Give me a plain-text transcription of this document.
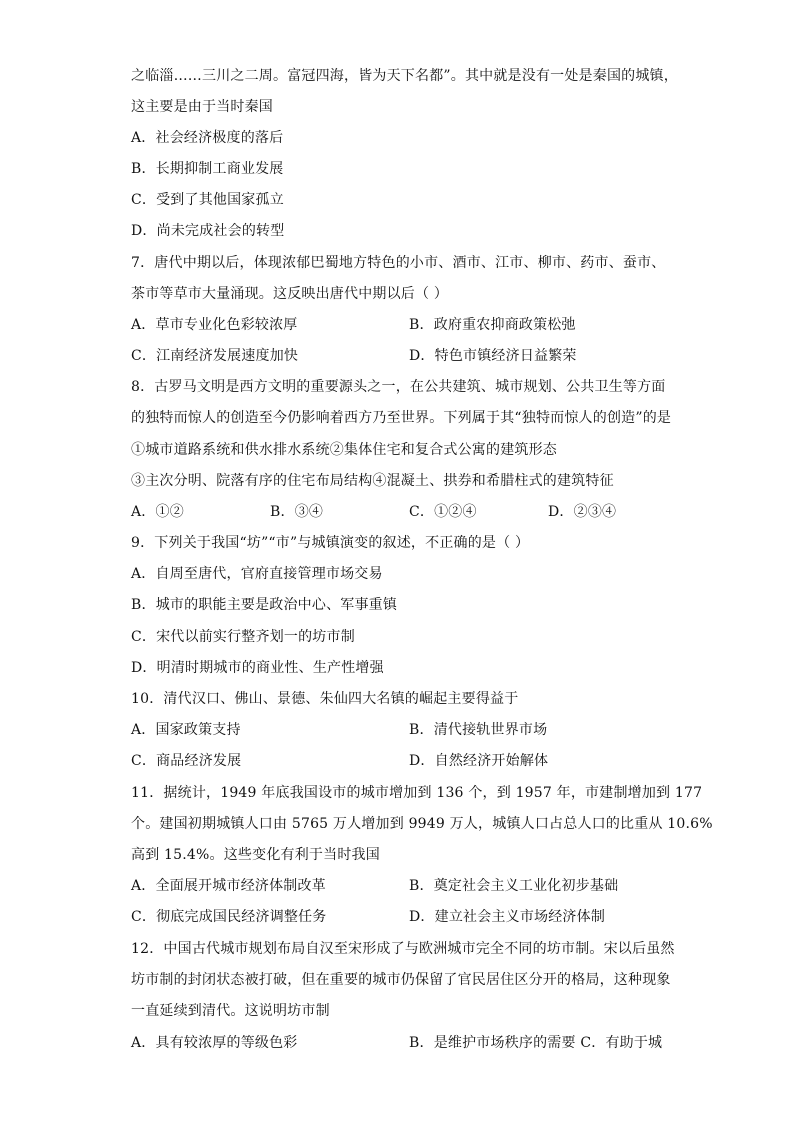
之临淄……三川之二周。富冠四海，皆为天下名都”。其中就是没有一处是秦国的城镇，
这主要是由于当时秦国
A．社会经济极度的落后
B．长期抑制工商业发展
C．受到了其他国家孤立
D．尚未完成社会的转型
7．唐代中期以后，体现浓郁巴蜀地方特色的小市、酒市、江市、柳市、药市、蚕市、
茶市等草市大量涌现。这反映出唐代中期以后（ ）
A．草市专业化色彩较浓厚	B．政府重农抑商政策松弛
C．江南经济发展速度加快	D．特色市镇经济日益繁荣
8．古罗马文明是西方文明的重要源头之一，在公共建筑、城市规划、公共卫生等方面
的独特而惊人的创造至今仍影响着西方乃至世界。下列属于其“独特而惊人的创造”的是
①城市道路系统和供水排水系统②集体住宅和复合式公寓的建筑形态
③主次分明、院落有序的住宅布局结构④混凝土、拱券和希腊柱式的建筑特征
A．①②	B．③④	C．①②④	D．②③④
9．下列关于我国“坊”“市”与城镇演变的叙述，不正确的是（ ）
A．自周至唐代，官府直接管理市场交易
B．城市的职能主要是政治中心、军事重镇
C．宋代以前实行整齐划一的坊市制
D．明清时期城市的商业性、生产性增强
10．清代汉口、佛山、景德、朱仙四大名镇的崛起主要得益于
A．国家政策支持	B．清代接轨世界市场
C．商品经济发展	D．自然经济开始解体
11．据统计，1949 年底我国设市的城市增加到 136 个，到 1957 年，市建制增加到 177
个。建国初期城镇人口由 5765 万人增加到 9949 万人，城镇人口占总人口的比重从 10.6%
高到 15.4%。这些变化有利于当时我国
A．全面展开城市经济体制改革	B．奠定社会主义工业化初步基础
C．彻底完成国民经济调整任务	D．建立社会主义市场经济体制
12．中国古代城市规划布局自汉至宋形成了与欧洲城市完全不同的坊市制。宋以后虽然
坊市制的封闭状态被打破，但在重要的城市仍保留了官民居住区分开的格局，这种现象
一直延续到清代。这说明坊市制
A．具有较浓厚的等级色彩	B．是维护市场秩序的需要 C．有助于城
